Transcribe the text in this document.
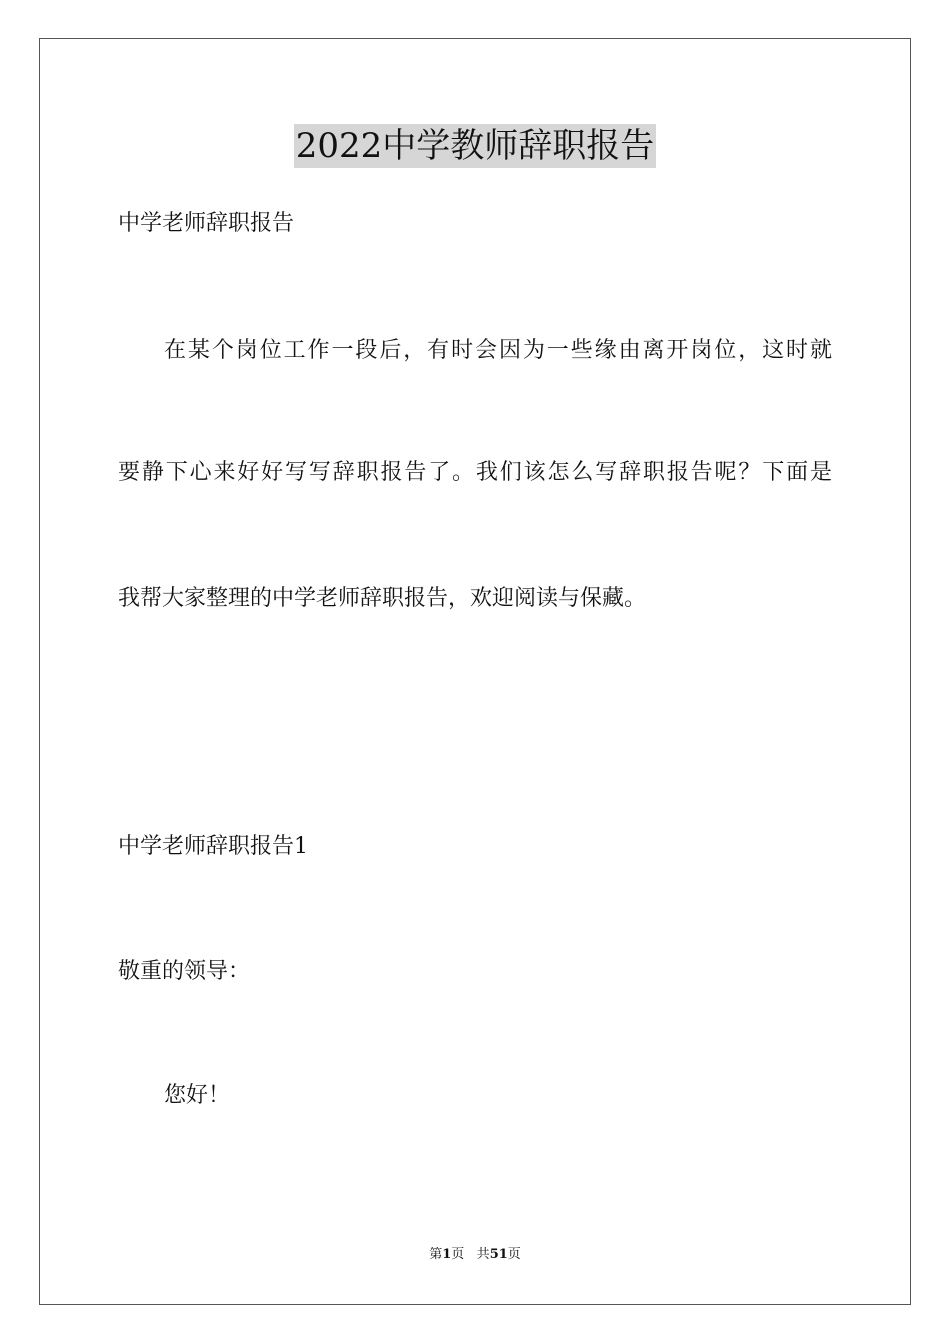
2022中学教师辞职报告
中学老师辞职报告
在某个岗位工作一段后，有时会因为一些缘由离开岗位，这时就
要静下心来好好写写辞职报告了。我们该怎么写辞职报告呢？下面是
我帮大家整理的中学老师辞职报告，欢迎阅读与保藏。
中学老师辞职报告1
敬重的领导：
您好！
第1页 共51页
